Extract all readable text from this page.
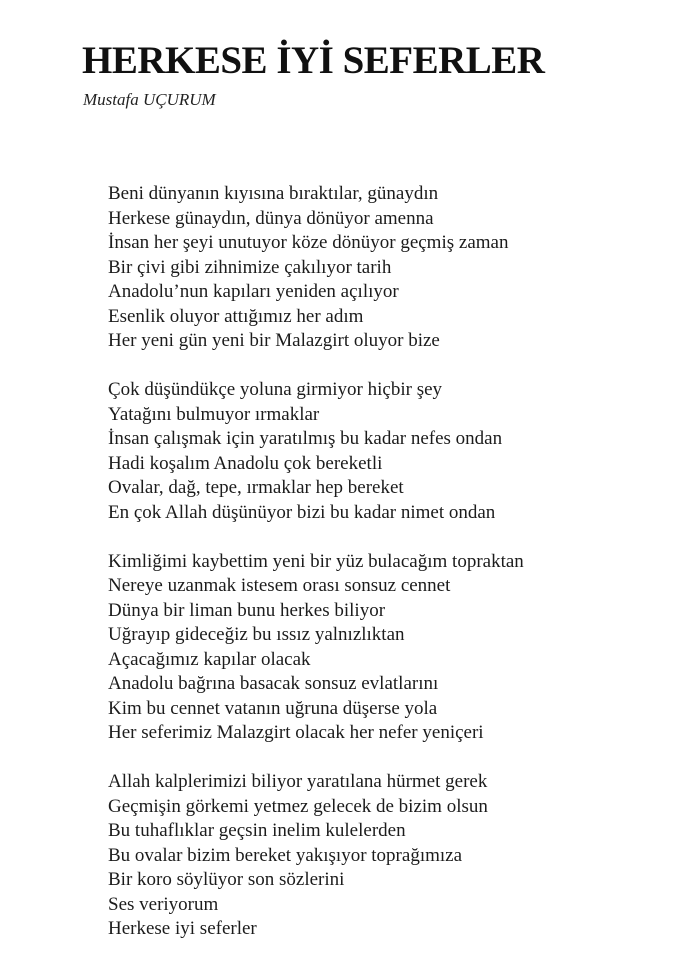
HERKESE İYİ SEFERLER

Mustafa UÇURUM

Beni dünyanın kıyısına bıraktılar, günaydın
Herkese günaydın, dünya dönüyor amenna
İnsan her şeyi unutuyor köze dönüyor geçmiş zaman
Bir çivi gibi zihnimize çakılıyor tarih
Anadolu’nun kapıları yeniden açılıyor
Esenlik oluyor attığımız her adım
Her yeni gün yeni bir Malazgirt oluyor bize
Çok düşündükçe yoluna girmiyor hiçbir şey
Yatağını bulmuyor ırmaklar
İnsan çalışmak için yaratılmış bu kadar nefes ondan
Hadi koşalım Anadolu çok bereketli
Ovalar, dağ, tepe, ırmaklar hep bereket
En çok Allah düşünüyor bizi bu kadar nimet ondan
Kimliğimi kaybettim yeni bir yüz bulacağım topraktan
Nereye uzanmak istesem orası sonsuz cennet
Dünya bir liman bunu herkes biliyor
Uğrayıp gideceğiz bu ıssız yalnızlıktan
Açacağımız kapılar olacak
Anadolu bağrına basacak sonsuz evlatlarını
Kim bu cennet vatanın uğruna düşerse yola
Her seferimiz Malazgirt olacak her nefer yeniçeri
Allah kalplerimizi biliyor yaratılana hürmet gerek
Geçmişin görkemi yetmez gelecek de bizim olsun
Bu tuhaflıklar geçsin inelim kulelerden
Bu ovalar bizim bereket yakışıyor toprağımıza
Bir koro söylüyor son sözlerini
Ses veriyorum
Herkese iyi seferler
